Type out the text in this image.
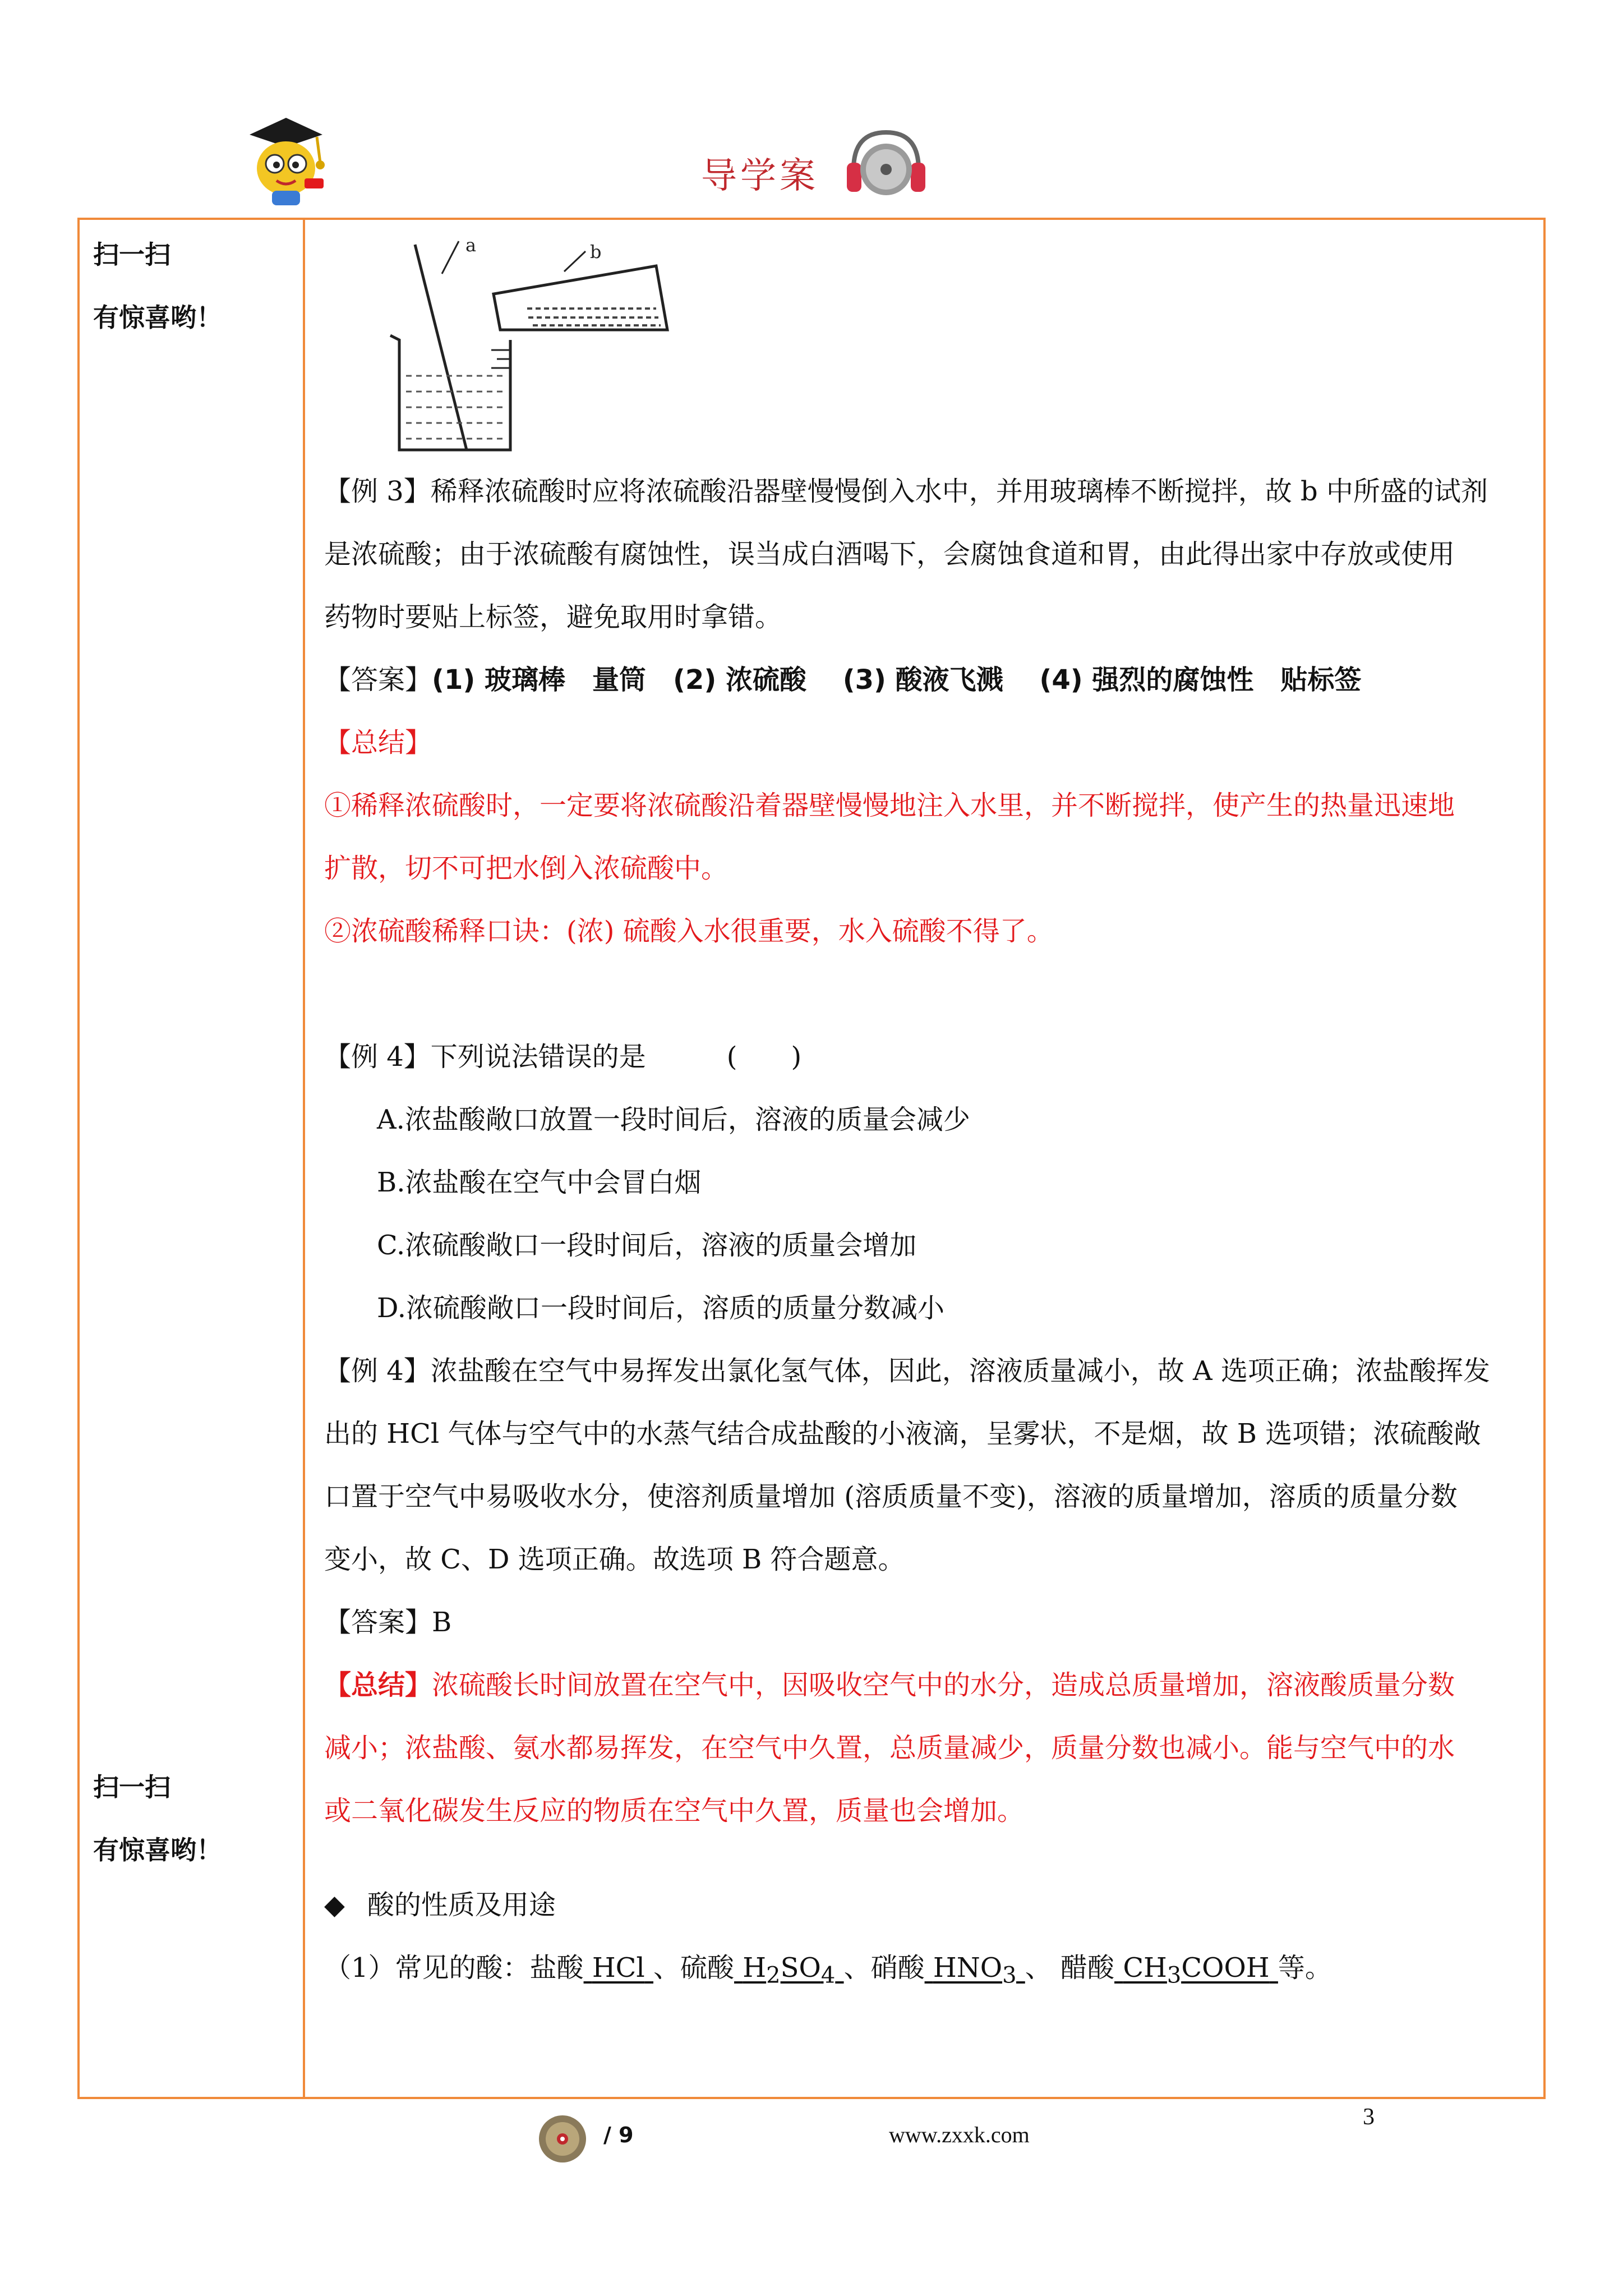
导学案
扫一扫
有惊喜哟！
扫一扫
有惊喜哟！
a	b

【例 3】稀释浓硫酸时应将浓硫酸沿器壁慢慢倒入水中，并用玻璃棒不断搅拌，故 b 中所盛的试剂

是浓硫酸；由于浓硫酸有腐蚀性，误当成白酒喝下，会腐蚀食道和胃，由此得出家中存放或使用

药物时要贴上标签，避免取用时拿错。

【答案】(1) 玻璃棒　量筒　(2) 浓硫酸　 (3) 酸液飞溅　 (4) 强烈的腐蚀性　贴标签

【总结】

①稀释浓硫酸时，一定要将浓硫酸沿着器壁慢慢地注入水里，并不断搅拌，使产生的热量迅速地

扩散，切不可把水倒入浓硫酸中。

②浓硫酸稀释口诀：(浓) 硫酸入水很重要，水入硫酸不得了。

【例 4】下列说法错误的是　　　(　　)

A.浓盐酸敞口放置一段时间后，溶液的质量会减少

B.浓盐酸在空气中会冒白烟

C.浓硫酸敞口一段时间后，溶液的质量会增加

D.浓硫酸敞口一段时间后，溶质的质量分数减小

【例 4】浓盐酸在空气中易挥发出氯化氢气体，因此，溶液质量减小，故 A 选项正确；浓盐酸挥发

出的 HCl 气体与空气中的水蒸气结合成盐酸的小液滴，呈雾状，不是烟，故 B 选项错；浓硫酸敞

口置于空气中易吸收水分，使溶剂质量增加 (溶质质量不变)，溶液的质量增加，溶质的质量分数

变小，故 C、D 选项正确。故选项 B 符合题意。

【答案】B

【总结】浓硫酸长时间放置在空气中，因吸收空气中的水分，造成总质量增加，溶液酸质量分数

减小；浓盐酸、氨水都易挥发，在空气中久置，总质量减少，质量分数也减小。能与空气中的水

或二氧化碳发生反应的物质在空气中久置，质量也会增加。

◆ 酸的性质及用途

（1）常见的酸：盐酸 HCl 、硫酸 $H_2SO_4$ 、硝酸 $HNO_3$ 、 醋酸 $CH_3COOH$ 等。

/ 9	www.zxxk.com
3
